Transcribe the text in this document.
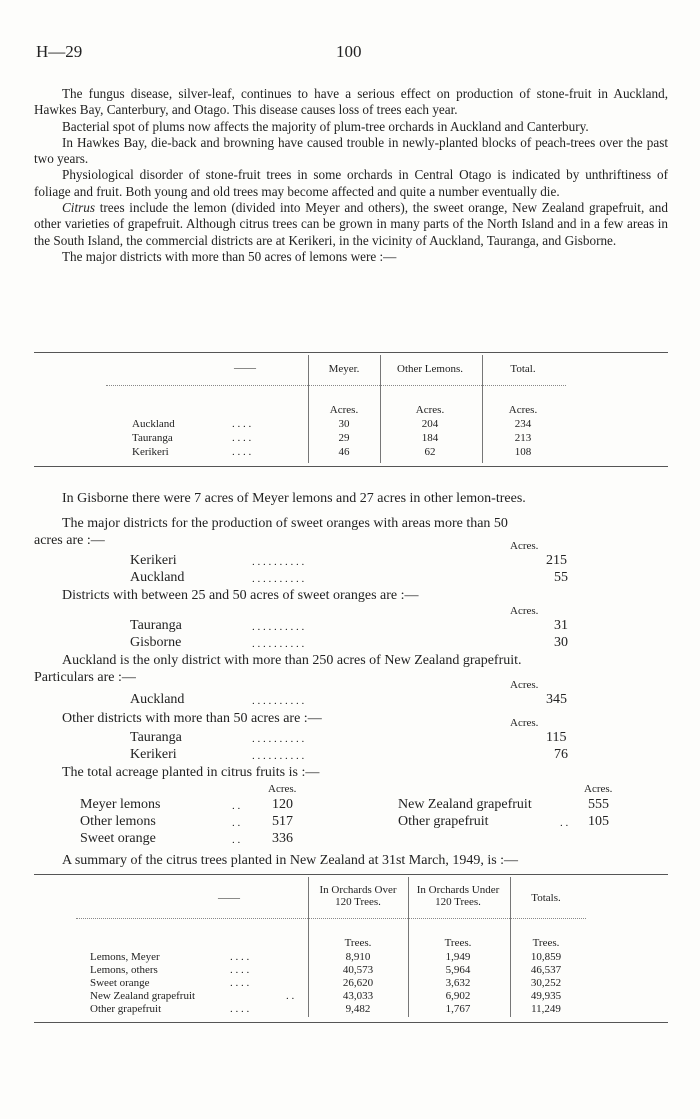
H—29	100

The fungus disease, silver-leaf, continues to have a serious effect on production of stone-fruit in Auckland, Hawkes Bay, Canterbury, and Otago. This disease causes loss of trees each year.

Bacterial spot of plums now affects the majority of plum-tree orchards in Auckland and Canterbury.

In Hawkes Bay, die-back and browning have caused trouble in newly-planted blocks of peach-trees over the past two years.

Physiological disorder of stone-fruit trees in some orchards in Central Otago is indicated by unthriftiness of foliage and fruit. Both young and old trees may become affected and quite a number eventually die.

Citrus trees include the lemon (divided into Meyer and others), the sweet orange, New Zealand grapefruit, and other varieties of grapefruit. Although citrus trees can be grown in many parts of the North Island and in a few areas in the South Island, the commercial districts are at Kerikeri, in the vicinity of Auckland, Tauranga, and Gisborne.

The major districts with more than 50 acres of lemons were :—

——	Meyer.	Other Lemons.	Total.
Acres.	Acres.	Acres.
Auckland	. . . .	30	204	234
Tauranga	. . . .	29	184	213
Kerikeri	. . . .	46	62	108
In Gisborne there were 7 acres of Meyer lemons and 27 acres in other lemon-trees.
The major districts for the production of sweet oranges with areas more than 50
acres are :—	Acres.
Kerikeri	. . . . . . . . . .	215
Auckland	. . . . . . . . . .	55
Districts with between 25 and 50 acres of sweet oranges are :—
Acres.
Tauranga	. . . . . . . . . .	31
Gisborne	. . . . . . . . . .	30
Auckland is the only district with more than 250 acres of New Zealand grapefruit.
Particulars are :—	Acres.
Auckland	. . . . . . . . . .	345
Other districts with more than 50 acres are :—	Acres.
Tauranga	. . . . . . . . . .	115
Kerikeri	. . . . . . . . . .	76
The total acreage planted in citrus fruits is :—
Acres.	Acres.
Meyer lemons	. . 120
Other lemons	. . 517
Sweet orange	. . 336
New Zealand grapefruit	555
Other grapefruit	. . 105
A summary of the citrus trees planted in New Zealand at 31st March, 1949, is :—
——
In Orchards Over 120 Trees.
In Orchards Under 120 Trees.	Totals.
Trees.	Trees.	Trees.
Lemons, Meyer	. . . .	8,910	1,949	10,859
Lemons, others	. . . .	40,573	5,964	46,537
Sweet orange	. . . .	26,620	3,632	30,252
New Zealand grapefruit	. .	43,033	6,902	49,935
Other grapefruit	. . . .	9,482	1,767	11,249
